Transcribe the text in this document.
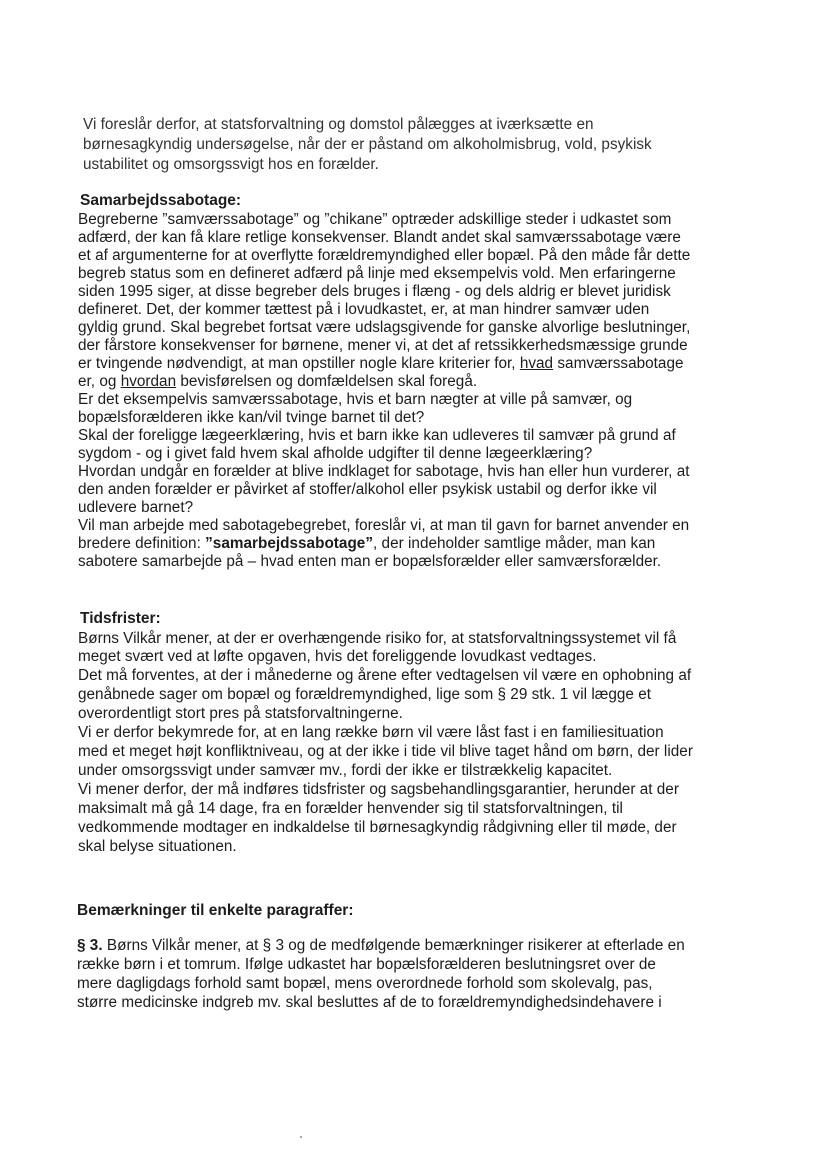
Vi foreslår derfor, at statsforvaltning og domstol pålægges at iværksætte en
børnesagkyndig undersøgelse, når der er påstand om alkoholmisbrug, vold, psykisk
ustabilitet og omsorgssvigt hos en forælder.
Samarbejdssabotage:
Begreberne ”samværssabotage” og ”chikane” optræder adskillige steder i udkastet som
adfærd, der kan få klare retlige konsekvenser. Blandt andet skal samværssabotage være
et af argumenterne for at overflytte forældremyndighed eller bopæl. På den måde får dette
begreb status som en defineret adfærd på linje med eksempelvis vold. Men erfaringerne
siden 1995 siger, at disse begreber dels bruges i flæng - og dels aldrig er blevet juridisk
defineret. Det, der kommer tættest på i lovudkastet, er, at man hindrer samvær uden
gyldig grund. Skal begrebet fortsat være udslagsgivende for ganske alvorlige beslutninger,
der fårstore konsekvenser for børnene, mener vi, at det af retssikkerhedsmæssige grunde
er tvingende nødvendigt, at man opstiller nogle klare kriterier for, hvad samværssabotage
er, og hvordan bevisførelsen og domfældelsen skal foregå.
Er det eksempelvis samværssabotage, hvis et barn nægter at ville på samvær, og
bopælsforælderen ikke kan/vil tvinge barnet til det?
Skal der foreligge lægeerklæring, hvis et barn ikke kan udleveres til samvær på grund af
sygdom - og i givet fald hvem skal afholde udgifter til denne lægeerklæring?
Hvordan undgår en forælder at blive indklaget for sabotage, hvis han eller hun vurderer, at
den anden forælder er påvirket af stoffer/alkohol eller psykisk ustabil og derfor ikke vil
udlevere barnet?
Vil man arbejde med sabotagebegrebet, foreslår vi, at man til gavn for barnet anvender en
bredere definition: ”samarbejdssabotage”, der indeholder samtlige måder, man kan
sabotere samarbejde på – hvad enten man er bopælsforælder eller samværsforælder.
Tidsfrister:
Børns Vilkår mener, at der er overhængende risiko for, at statsforvaltningssystemet vil få
meget svært ved at løfte opgaven, hvis det foreliggende lovudkast vedtages.
Det må forventes, at der i månederne og årene efter vedtagelsen vil være en ophobning af
genåbnede sager om bopæl og forældremyndighed, lige som § 29 stk. 1 vil lægge et
overordentligt stort pres på statsforvaltningerne.
Vi er derfor bekymrede for, at en lang række børn vil være låst fast i en familiesituation
med et meget højt konfliktniveau, og at der ikke i tide vil blive taget hånd om børn, der lider
under omsorgssvigt under samvær mv., fordi der ikke er tilstrækkelig kapacitet.
Vi mener derfor, der må indføres tidsfrister og sagsbehandlingsgarantier, herunder at der
maksimalt må gå 14 dage, fra en forælder henvender sig til statsforvaltningen, til
vedkommende modtager en indkaldelse til børnesagkyndig rådgivning eller til møde, der
skal belyse situationen.
Bemærkninger til enkelte paragraffer:
§ 3. Børns Vilkår mener, at § 3 og de medfølgende bemærkninger risikerer at efterlade en
række børn i et tomrum. Ifølge udkastet har bopælsforælderen beslutningsret over de
mere dagligdags forhold samt bopæl, mens overordnede forhold som skolevalg, pas,
større medicinske indgreb mv. skal besluttes af de to forældremyndighedsindehavere i
